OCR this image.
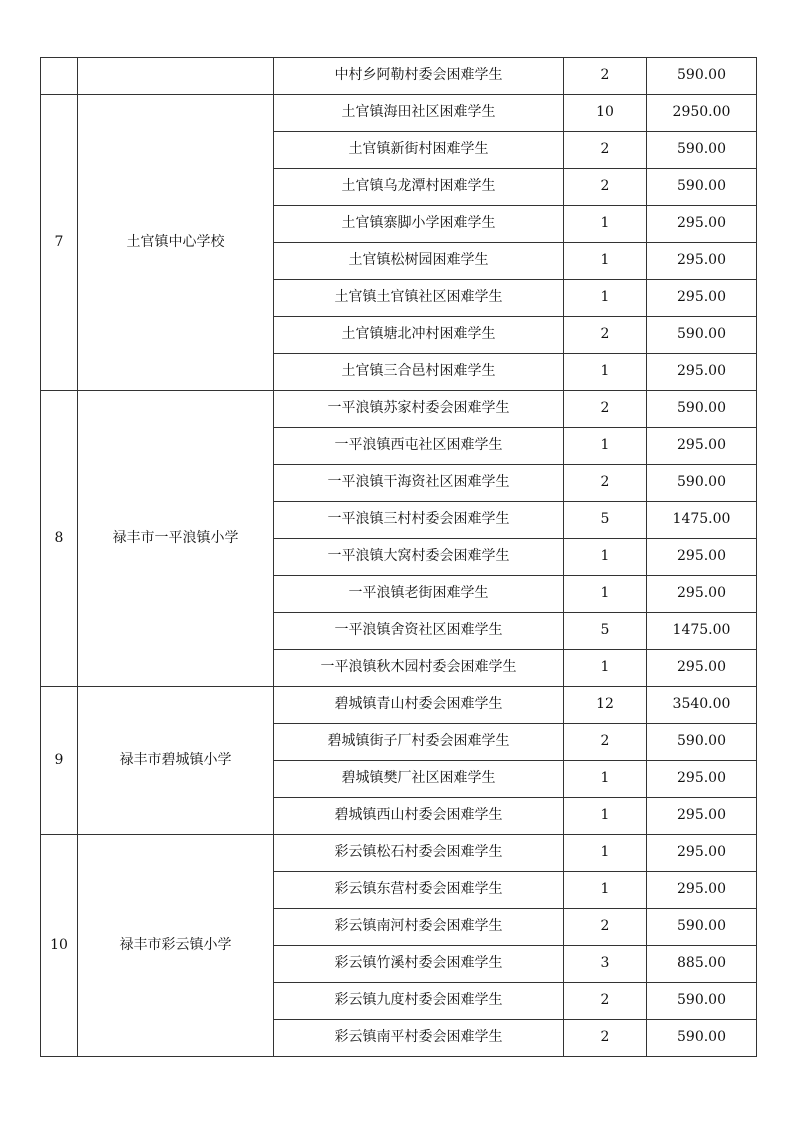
		中村乡阿勒村委会困难学生	2	590.00
7	土官镇中心学校	土官镇海田社区困难学生	10	2950.00
		土官镇新街村困难学生	2	590.00
		土官镇乌龙潭村困难学生	2	590.00
		土官镇寨脚小学困难学生	1	295.00
		土官镇松树园困难学生	1	295.00
		土官镇土官镇社区困难学生	1	295.00
		土官镇塘北冲村困难学生	2	590.00
		土官镇三合邑村困难学生	1	295.00
8	禄丰市一平浪镇小学	一平浪镇苏家村委会困难学生	2	590.00
		一平浪镇西屯社区困难学生	1	295.00
		一平浪镇干海资社区困难学生	2	590.00
		一平浪镇三村村委会困难学生	5	1475.00
		一平浪镇大窝村委会困难学生	1	295.00
		一平浪镇老街困难学生	1	295.00
		一平浪镇舍资社区困难学生	5	1475.00
		一平浪镇秋木园村委会困难学生	1	295.00
9	禄丰市碧城镇小学	碧城镇青山村委会困难学生	12	3540.00
		碧城镇街子厂村委会困难学生	2	590.00
		碧城镇樊厂社区困难学生	1	295.00
		碧城镇西山村委会困难学生	1	295.00
10	禄丰市彩云镇小学	彩云镇松石村委会困难学生	1	295.00
		彩云镇东营村委会困难学生	1	295.00
		彩云镇南河村委会困难学生	2	590.00
		彩云镇竹溪村委会困难学生	3	885.00
		彩云镇九度村委会困难学生	2	590.00
		彩云镇南平村委会困难学生	2	590.00
